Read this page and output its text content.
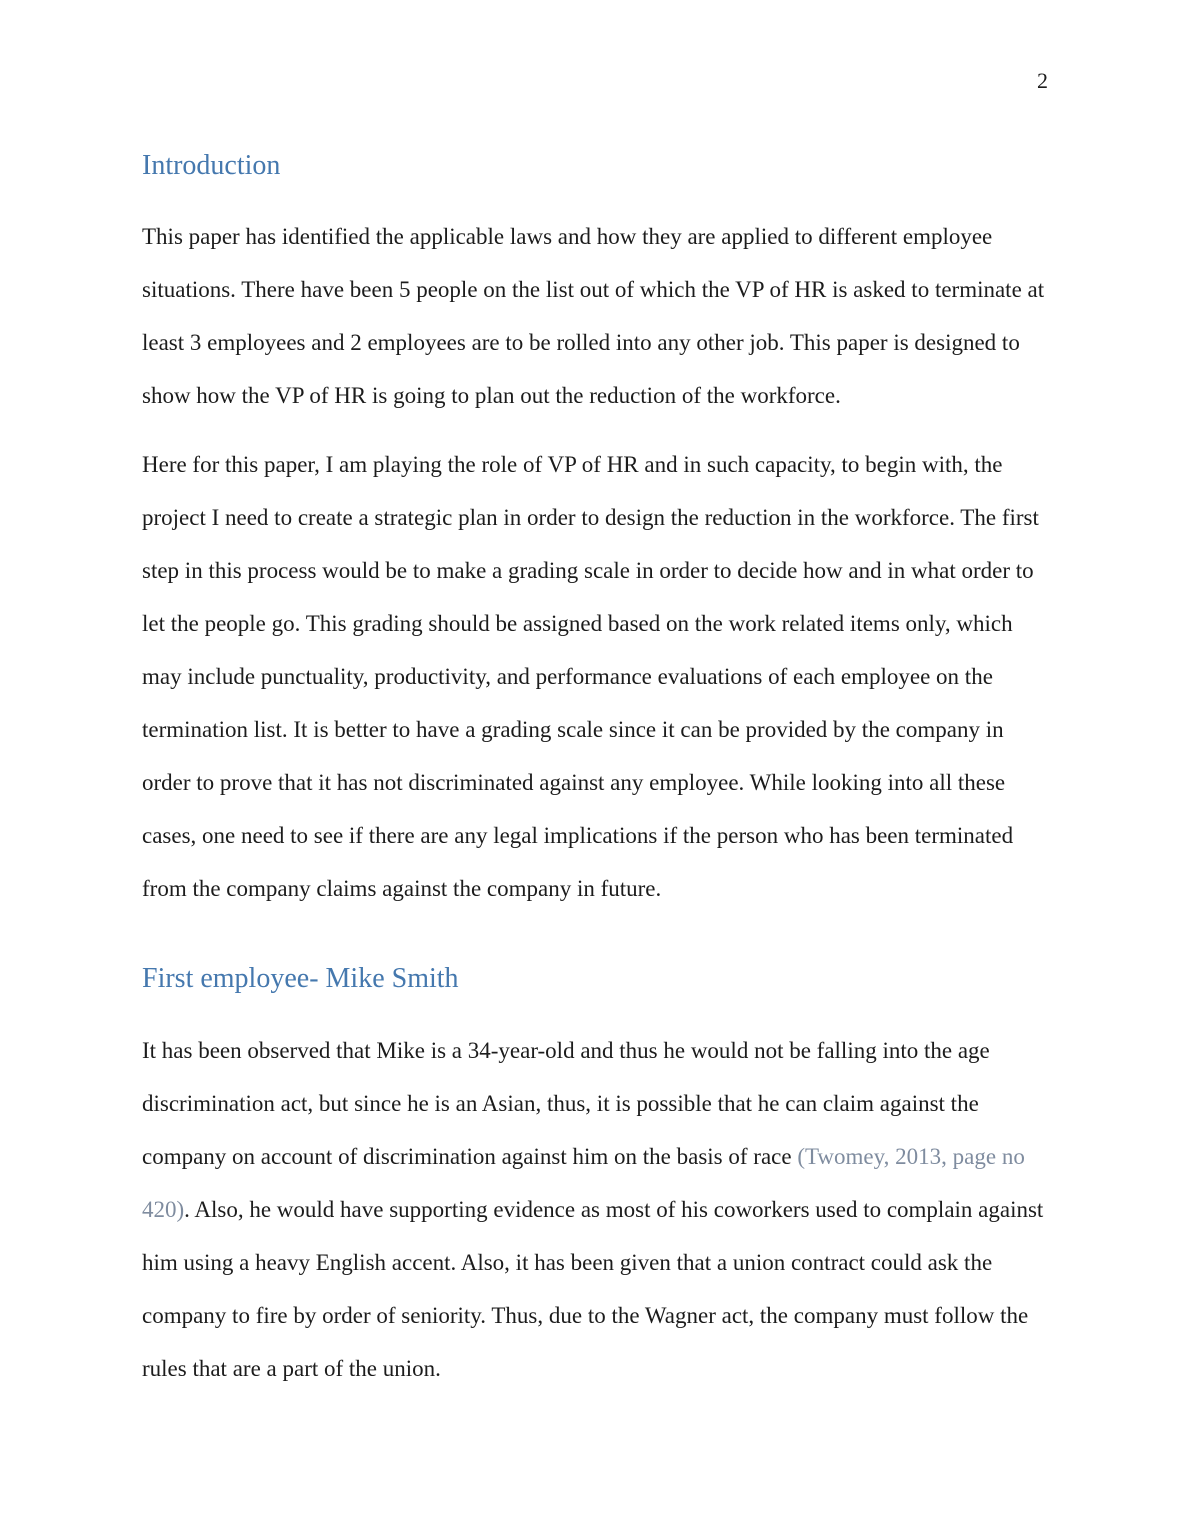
2
Introduction

This paper has identified the applicable laws and how they are applied to different employee situations. There have been 5 people on the list out of which the VP of HR is asked to terminate at least 3 employees and 2 employees are to be rolled into any other job. This paper is designed to show how the VP of HR is going to plan out the reduction of the workforce.

Here for this paper, I am playing the role of VP of HR and in such capacity, to begin with, the project I need to create a strategic plan in order to design the reduction in the workforce. The first step in this process would be to make a grading scale in order to decide how and in what order to let the people go. This grading should be assigned based on the work related items only, which may include punctuality, productivity, and performance evaluations of each employee on the termination list. It is better to have a grading scale since it can be provided by the company in order to prove that it has not discriminated against any employee. While looking into all these cases, one need to see if there are any legal implications if the person who has been terminated from the company claims against the company in future.

First employee- Mike Smith

It has been observed that Mike is a 34-year-old and thus he would not be falling into the age discrimination act, but since he is an Asian, thus, it is possible that he can claim against the company on account of discrimination against him on the basis of race (Twomey, 2013, page no 420). Also, he would have supporting evidence as most of his coworkers used to complain against him using a heavy English accent. Also, it has been given that a union contract could ask the company to fire by order of seniority. Thus, due to the Wagner act, the company must follow the rules that are a part of the union.
